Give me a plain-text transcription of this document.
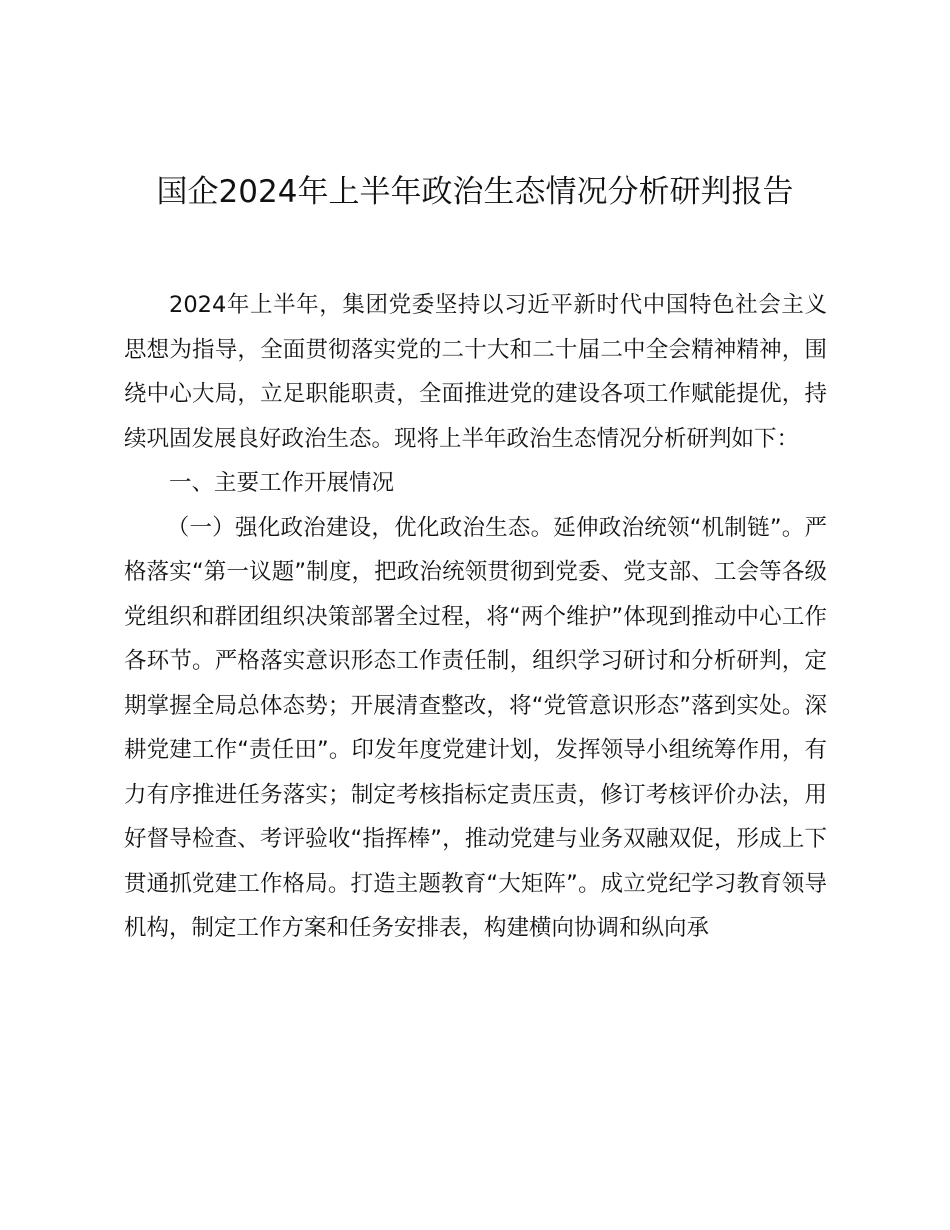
国企2024年上半年政治生态情况分析研判报告

2024年上半年，集团党委坚持以习近平新时代中国特色社会主义思想为指导，全面贯彻落实党的二十大和二十届二中全会精神精神，围绕中心大局，立足职能职责，全面推进党的建设各项工作赋能提优，持续巩固发展良好政治生态。现将上半年政治生态情况分析研判如下：

一、主要工作开展情况

（一）强化政治建设，优化政治生态。延伸政治统领“机制链”。严格落实“第一议题”制度，把政治统领贯彻到党委、党支部、工会等各级党组织和群团组织决策部署全过程，将“两个维护”体现到推动中心工作各环节。严格落实意识形态工作责任制，组织学习研讨和分析研判，定期掌握全局总体态势；开展清查整改，将“党管意识形态”落到实处。深耕党建工作“责任田”。印发年度党建计划，发挥领导小组统筹作用，有力有序推进任务落实；制定考核指标定责压责，修订考核评价办法，用好督导检查、考评验收“指挥棒”，推动党建与业务双融双促，形成上下贯通抓党建工作格局。打造主题教育“大矩阵”。成立党纪学习教育领导机构，制定工作方案和任务安排表，构建横向协调和纵向承
